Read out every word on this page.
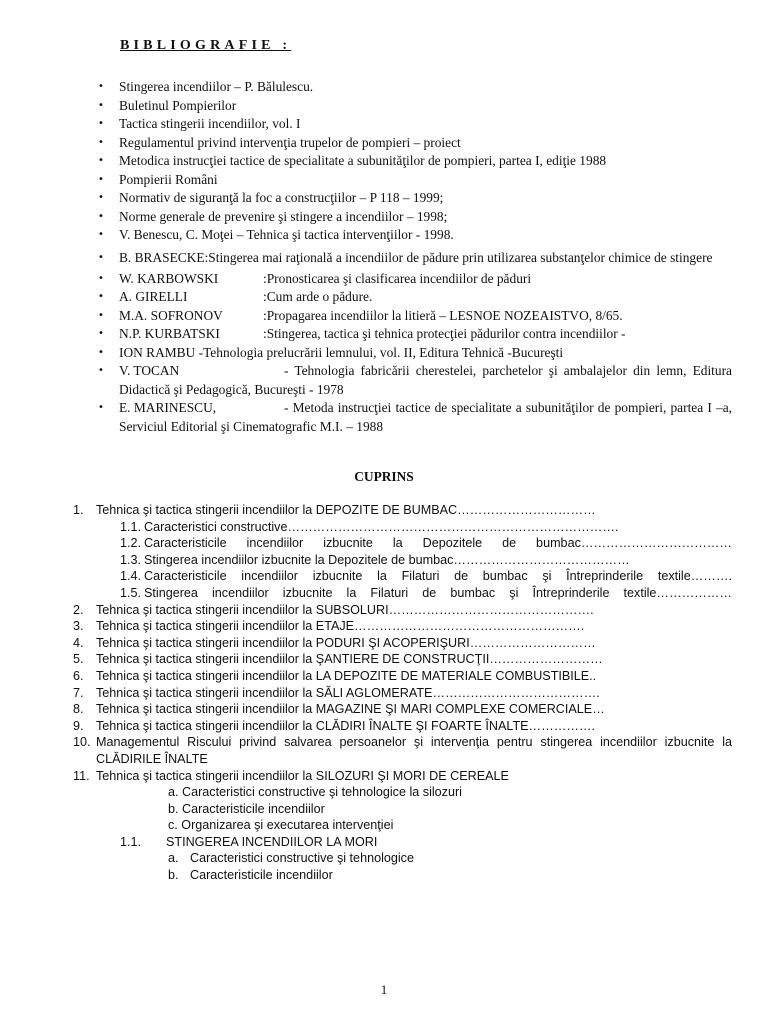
BIBLIOGRAFIE :
• Stingerea incendiilor – P. Bălulescu.
• Buletinul Pompierilor
• Tactica stingerii incendiilor, vol. I
• Regulamentul privind intervenţia trupelor de pompieri – proiect
• Metodica instrucţiei tactice de specialitate a subunităţilor de pompieri, partea I, ediţie 1988
• Pompierii Români
• Normativ de siguranţă la foc a construcţiilor – P 118 – 1999;
• Norme generale de prevenire şi stingere a incendiilor – 1998;
• V. Benescu, C. Moţei – Tehnica şi tactica intervenţiilor - 1998.
• B. BRASECKE:Stingerea mai raţională a incendiilor de pădure prin utilizarea substanţelor chimice de stingere
• W. KARBOWSKI	:Pronosticarea şi clasificarea incendiilor de păduri
• A. GIRELLI	:Cum arde o pădure.
• M.A. SOFRONOV	:Propagarea incendiilor la litieră – LESNOE NOZEAISTVO, 8/65.
• N.P. KURBATSKI	:Stingerea, tactica şi tehnica protecţiei pădurilor contra incendiilor -
• ION RAMBU -Tehnologia prelucrării lemnului, vol. II, Editura Tehnică -Bucureşti
• V. TOCAN	- Tehnologia fabricării cherestelei, parchetelor şi ambalajelor din lemn, Editura Didactică şi Pedagogică, Bucureşti - 1978
• E. MARINESCU,	- Metoda instrucţiei tactice de specialitate a subunităţilor de pompieri, partea I –a, Serviciul Editorial şi Cinematografic M.I. – 1988
CUPRINS
1. Tehnica şi tactica stingerii incendiilor la DEPOZITE DE BUMBAC……………………………
1.1. Caracteristici constructive…………………………………………………………………….
1.2. Caracteristicile incendiilor izbucnite la Depozitele de bumbac………………………………
1.3. Stingerea incendiilor izbucnite la Depozitele de bumbac……………………………………
1.4. Caracteristicile incendiilor izbucnite la Filaturi de bumbac şi Întreprinderile textile……….
1.5. Stingerea incendiilor izbucnite la Filaturi de bumbac şi Întreprinderile textile………………
2. Tehnica şi tactica stingerii incendiilor la SUBSOLURI………………………………………….
3. Tehnica şi tactica stingerii incendiilor la ETAJE……………………………………………….
4. Tehnica şi tactica stingerii incendiilor la PODURI ŞI ACOPERIŞURI…………………………
5. Tehnica şi tactica stingerii incendiilor la ŞANTIERE DE CONSTRUCŢII………………………
6. Tehnica şi tactica stingerii incendiilor la LA DEPOZITE DE MATERIALE COMBUSTIBILE..
7. Tehnica şi tactica stingerii incendiilor la SĂLI AGLOMERATE………………………………….
8. Tehnica şi tactica stingerii incendiilor la MAGAZINE ŞI MARI COMPLEXE COMERCIALE…
9. Tehnica şi tactica stingerii incendiilor la CLĂDIRI ÎNALTE ŞI FOARTE ÎNALTE…………….
10. Managementul Riscului privind salvarea persoanelor şi intervenţia pentru stingerea incendiilor izbucnite la CLĂDIRILE ÎNALTE
11. Tehnica şi tactica stingerii incendiilor la SILOZURI ŞI MORI DE CEREALE
a. Caracteristici constructive şi tehnologice la silozuri
b. Caracteristicile incendiilor
c. Organizarea şi executarea intervenţiei
1.1.	STINGEREA INCENDIILOR LA MORI
a. Caracteristici constructive şi tehnologice
b. Caracteristicile incendiilor
1
